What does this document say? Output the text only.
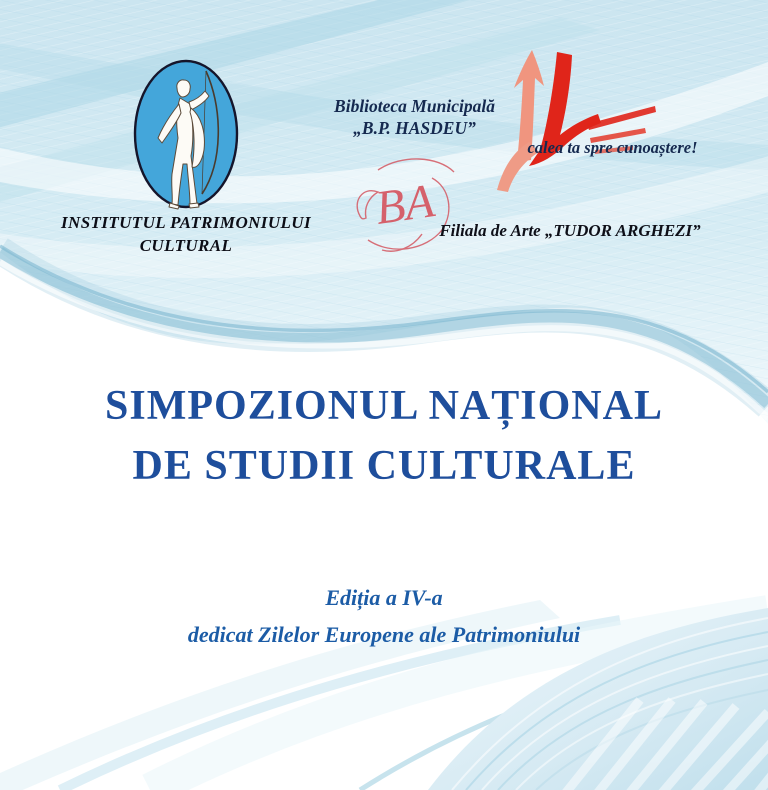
INSTITUTUL PATRIMONIULUI
CULTURAL
Biblioteca Municipală
„B.P. HASDEU”
calea ta spre cunoaștere!
BA Filiala de Arte „TUDOR ARGHEZI”
SIMPOZIONUL NAȚIONAL
DE STUDII CULTURALE
Ediția a IV-a
dedicat Zilelor Europene ale Patrimoniului
